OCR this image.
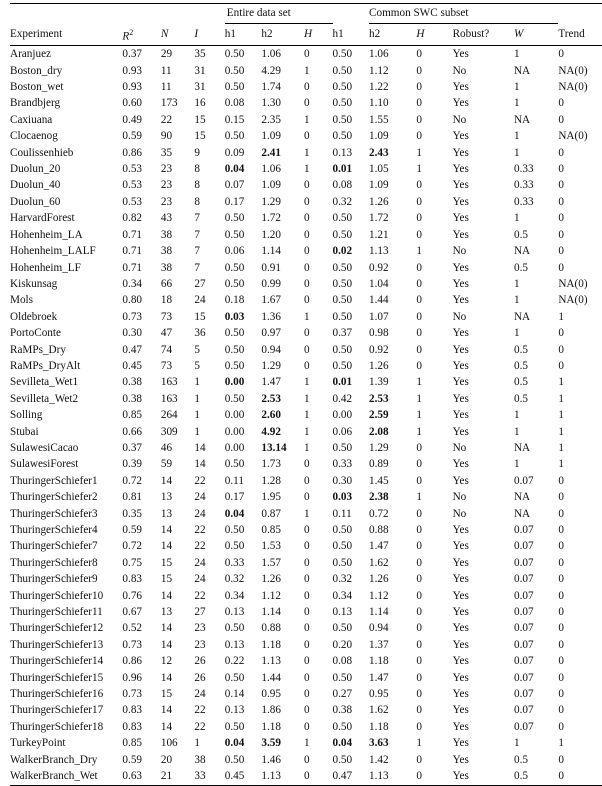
				Entire data set				Common SWC subset				
Experiment	$R^2$	N	I	h1	h2	H	h1	h2	H	Robust?	W	Trend
Aranjuez	0.37	29	35	0.50	1.06	0	0.50	1.06	0	Yes	1	0
Boston_dry	0.93	11	31	0.50	4.29	1	0.50	1.12	0	No	NA	NA(0)
Boston_wet	0.93	11	31	0.50	1.74	0	0.50	1.22	0	Yes	1	NA(0)
Brandbjerg	0.60	173	16	0.08	1.30	0	0.50	1.10	0	Yes	1	0
Caxiuana	0.49	22	15	0.15	2.35	1	0.50	1.55	0	No	NA	0
Clocaenog	0.59	90	15	0.50	1.09	0	0.50	1.09	0	Yes	1	NA(0)
Coulissenhieb	0.86	35	9	0.09	2.41	1	0.13	2.43	1	Yes	1	0
Duolun_20	0.53	23	8	0.04	1.06	1	0.01	1.05	1	Yes	0.33	0
Duolun_40	0.53	23	8	0.07	1.09	0	0.08	1.09	0	Yes	0.33	0
Duolun_60	0.53	23	8	0.17	1.29	0	0.32	1.26	0	Yes	0.33	0
HarvardForest	0.82	43	7	0.50	1.72	0	0.50	1.72	0	Yes	1	0
Hohenheim_LA	0.71	38	7	0.50	1.20	0	0.50	1.21	0	Yes	0.5	0
Hohenheim_LALF	0.71	38	7	0.06	1.14	0	0.02	1.13	1	No	NA	0
Hohenheim_LF	0.71	38	7	0.50	0.91	0	0.50	0.92	0	Yes	0.5	0
Kiskunsag	0.34	66	27	0.50	0.99	0	0.50	1.04	0	Yes	1	NA(0)
Mols	0.80	18	24	0.18	1.67	0	0.50	1.44	0	Yes	1	NA(0)
Oldebroek	0.73	73	15	0.03	1.36	1	0.50	1.07	0	No	NA	1
PortoConte	0.30	47	36	0.50	0.97	0	0.37	0.98	0	Yes	1	0
RaMPs_Dry	0.47	74	5	0.50	0.94	0	0.50	0.92	0	Yes	0.5	0
RaMPs_DryAlt	0.45	73	5	0.50	1.29	0	0.50	1.26	0	Yes	0.5	0
Sevilleta_Wet1	0.38	163	1	0.00	1.47	1	0.01	1.39	1	Yes	0.5	1
Sevilleta_Wet2	0.38	163	1	0.50	2.53	1	0.42	2.53	1	Yes	0.5	1
Solling	0.85	264	1	0.00	2.60	1	0.00	2.59	1	Yes	1	1
Stubai	0.66	309	1	0.00	4.92	1	0.06	2.08	1	Yes	1	1
SulawesiCacao	0.37	46	14	0.00	13.14	1	0.50	1.29	0	No	NA	1
SulawesiForest	0.39	59	14	0.50	1.73	0	0.33	0.89	0	Yes	1	1
ThuringerSchiefer1	0.72	14	22	0.11	1.28	0	0.30	1.45	0	Yes	0.07	0
ThuringerSchiefer2	0.81	13	24	0.17	1.95	0	0.03	2.38	1	No	NA	0
ThuringerSchiefer3	0.35	13	24	0.04	0.87	1	0.11	0.72	0	No	NA	0
ThuringerSchiefer4	0.59	14	22	0.50	0.85	0	0.50	0.88	0	Yes	0.07	0
ThuringerSchiefer7	0.72	14	22	0.50	1.53	0	0.50	1.47	0	Yes	0.07	0
ThuringerSchiefer8	0.75	15	24	0.33	1.57	0	0.50	1.62	0	Yes	0.07	0
ThuringerSchiefer9	0.83	15	24	0.32	1.26	0	0.32	1.26	0	Yes	0.07	0
ThuringerSchiefer10	0.76	14	22	0.34	1.12	0	0.34	1.12	0	Yes	0.07	0
ThuringerSchiefer11	0.67	13	27	0.13	1.14	0	0.13	1.14	0	Yes	0.07	0
ThuringerSchiefer12	0.52	14	23	0.50	0.88	0	0.50	0.94	0	Yes	0.07	0
ThuringerSchiefer13	0.73	14	23	0.13	1.18	0	0.20	1.37	0	Yes	0.07	0
ThuringerSchiefer14	0.86	12	26	0.22	1.13	0	0.08	1.18	0	Yes	0.07	0
ThuringerSchiefer15	0.96	14	26	0.50	1.44	0	0.50	1.47	0	Yes	0.07	0
ThuringerSchiefer16	0.73	15	24	0.14	0.95	0	0.27	0.95	0	Yes	0.07	0
ThuringerSchiefer17	0.83	14	22	0.13	1.86	0	0.38	1.62	0	Yes	0.07	0
ThuringerSchiefer18	0.83	14	22	0.50	1.18	0	0.50	1.18	0	Yes	0.07	0
TurkeyPoint	0.85	106	1	0.04	3.59	1	0.04	3.63	1	Yes	1	1
WalkerBranch_Dry	0.59	20	38	0.50	1.46	0	0.50	1.42	0	Yes	0.5	0
WalkerBranch_Wet	0.63	21	33	0.45	1.13	0	0.47	1.13	0	Yes	0.5	0
